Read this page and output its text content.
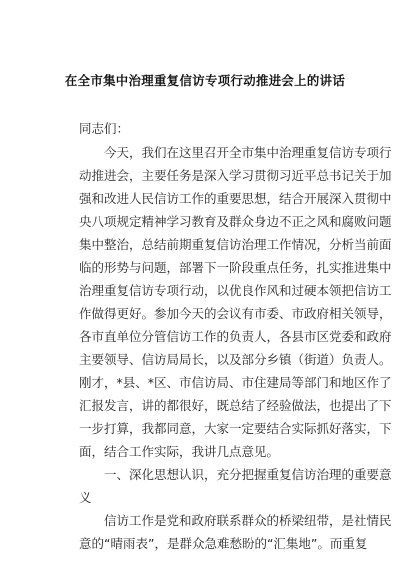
在全市集中治理重复信访专项行动推进会上的讲话
同志们：
今天，我们在这里召开全市集中治理重复信访专项行
动推进会，主要任务是深入学习贯彻习近平总书记关于加
强和改进人民信访工作的重要思想，结合开展深入贯彻中
央八项规定精神学习教育及群众身边不正之风和腐败问题
集中整治，总结前期重复信访治理工作情况，分析当前面
临的形势与问题，部署下一阶段重点任务，扎实推进集中
治理重复信访专项行动，以优良作风和过硬本领把信访工
作做得更好。参加今天的会议有市委、市政府相关领导，
各市直单位分管信访工作的负责人，各县市区党委和政府
主要领导、信访局局长，以及部分乡镇（街道）负责人。
刚才，*县、*区、市信访局、市住建局等部门和地区作了
汇报发言，讲的都很好，既总结了经验做法，也提出了下
一步打算，我都同意，大家一定要结合实际抓好落实，下
面，结合工作实际，我讲几点意见。
一、深化思想认识，充分把握重复信访治理的重要意
义
信访工作是党和政府联系群众的桥梁纽带，是社情民
意的“晴雨表”，是群众急难愁盼的“汇集地”。而重复
